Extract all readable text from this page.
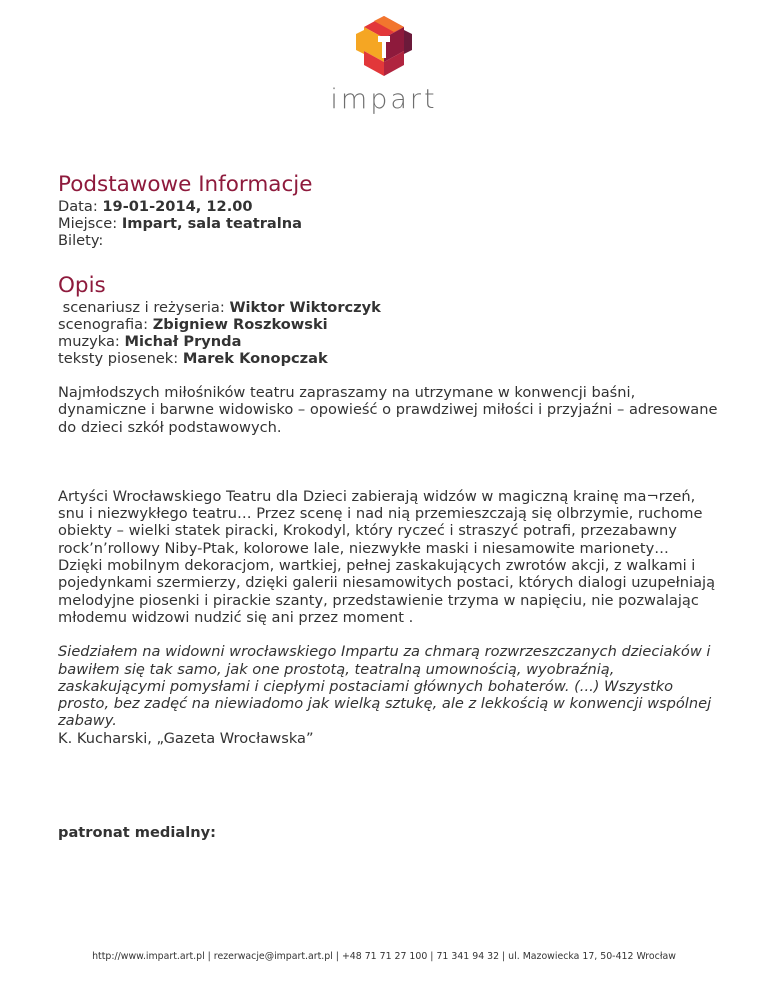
impart
Podstawowe Informacje
Data: 19-01-2014, 12.00
Miejsce: Impart, sala teatralna
Bilety:
Opis
scenariusz i reżyseria: Wiktor Wiktorczyk
scenografia: Zbigniew Roszkowski
muzyka: Michał Prynda
teksty piosenek: Marek Konopczak
Najmłodszych miłośników teatru zapraszamy na utrzymane w konwencji baśni, dynamiczne i barwne widowisko – opowieść o prawdziwej miłości i przyjaźni – adresowane do dzieci szkół podstawowych.
Artyści Wrocławskiego Teatru dla Dzieci zabierają widzów w magiczną krainę ma¬rzeń, snu i niezwykłego teatru… Przez scenę i nad nią przemieszczają się olbrzymie, ruchome obiekty – wielki statek piracki, Krokodyl, który ryczeć i straszyć potrafi, przezabawny rock’n’rollowy Niby-Ptak, kolorowe lale, niezwykłe maski i niesamowite marionety…
Dzięki mobilnym dekoracjom, wartkiej, pełnej zaskakujących zwrotów akcji, z walkami i pojedynkami szermierzy, dzięki galerii niesamowitych postaci, których dialogi uzupełniają melodyjne piosenki i pirackie szanty, przedstawienie trzyma w napięciu, nie pozwalając młodemu widzowi nudzić się ani przez moment .
Siedziałem na widowni wrocławskiego Impartu za chmarą rozwrzeszczanych dzieciaków i bawiłem się tak samo, jak one prostotą, teatralną umownością, wyobraźnią, zaskakującymi pomysłami i ciepłymi postaciami głównych bohaterów. (...) Wszystko prosto, bez zadęć na niewiadomo jak wielką sztukę, ale z lekkością w konwencji wspólnej zabawy.
K. Kucharski, „Gazeta Wrocławska”
patronat medialny:
http://www.impart.art.pl | rezerwacje@impart.art.pl | +48 71 71 27 100 | 71 341 94 32 | ul. Mazowiecka 17, 50-412 Wrocław
